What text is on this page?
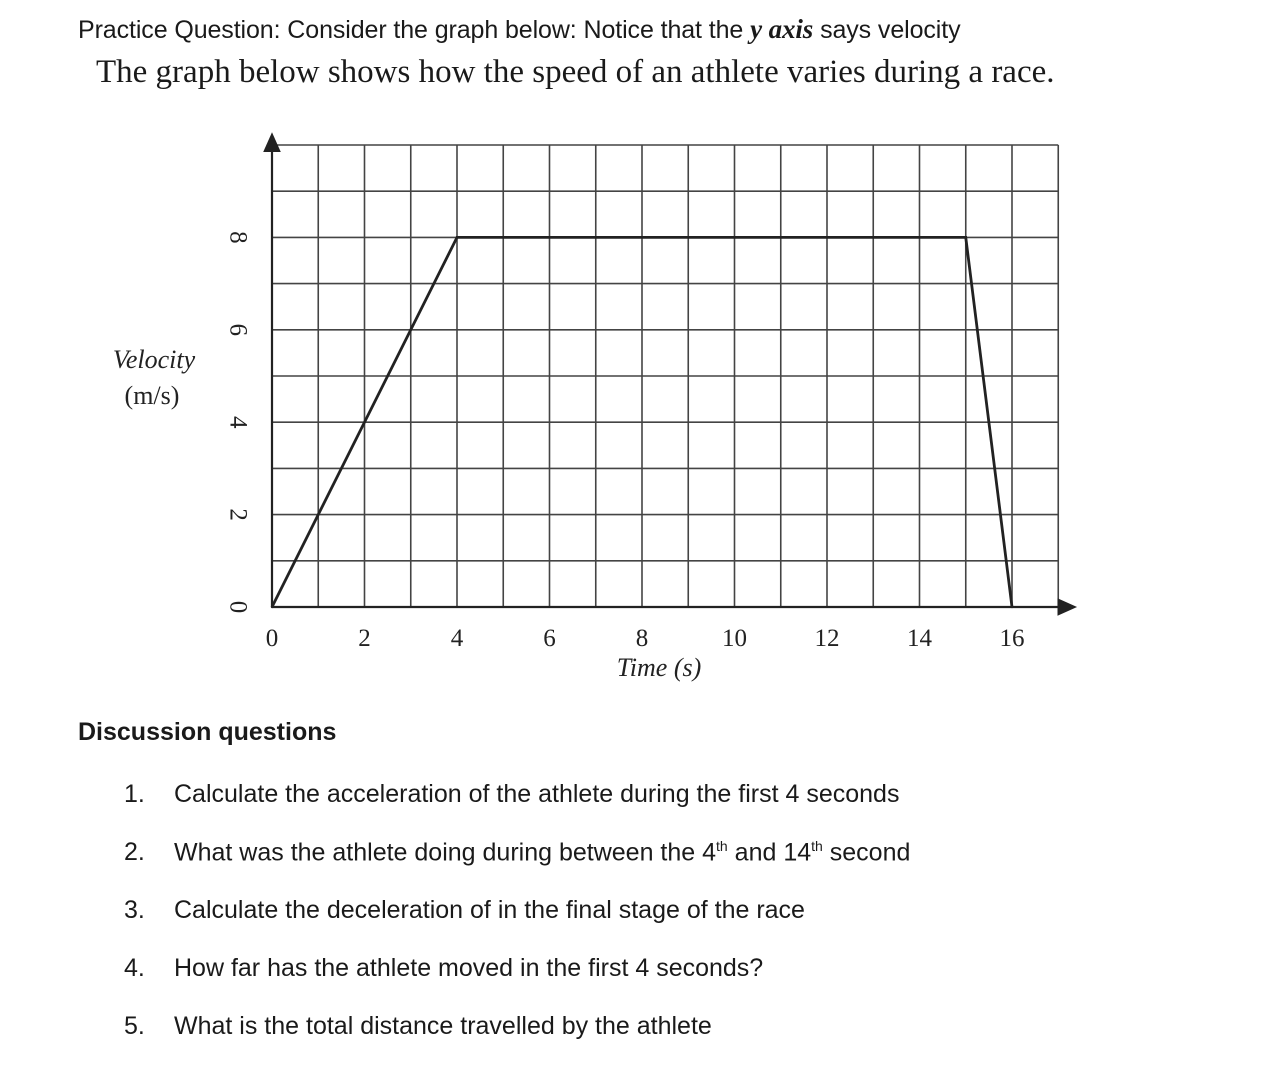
Practice Question: Consider the graph below: Notice that the y axis says velocity
The graph below shows how the speed of an athlete varies during a race.
0	2	4	6	8	10	12	14	16
0
2
4
6
8
Time (s)
Velocity
(m/s)
Discussion questions
1. Calculate the acceleration of the athlete during the first 4 seconds
2. What was the athlete doing during between the 4th and 14th second
3. Calculate the deceleration of in the final stage of the race
4. How far has the athlete moved in the first 4 seconds?
5. What is the total distance travelled by the athlete
